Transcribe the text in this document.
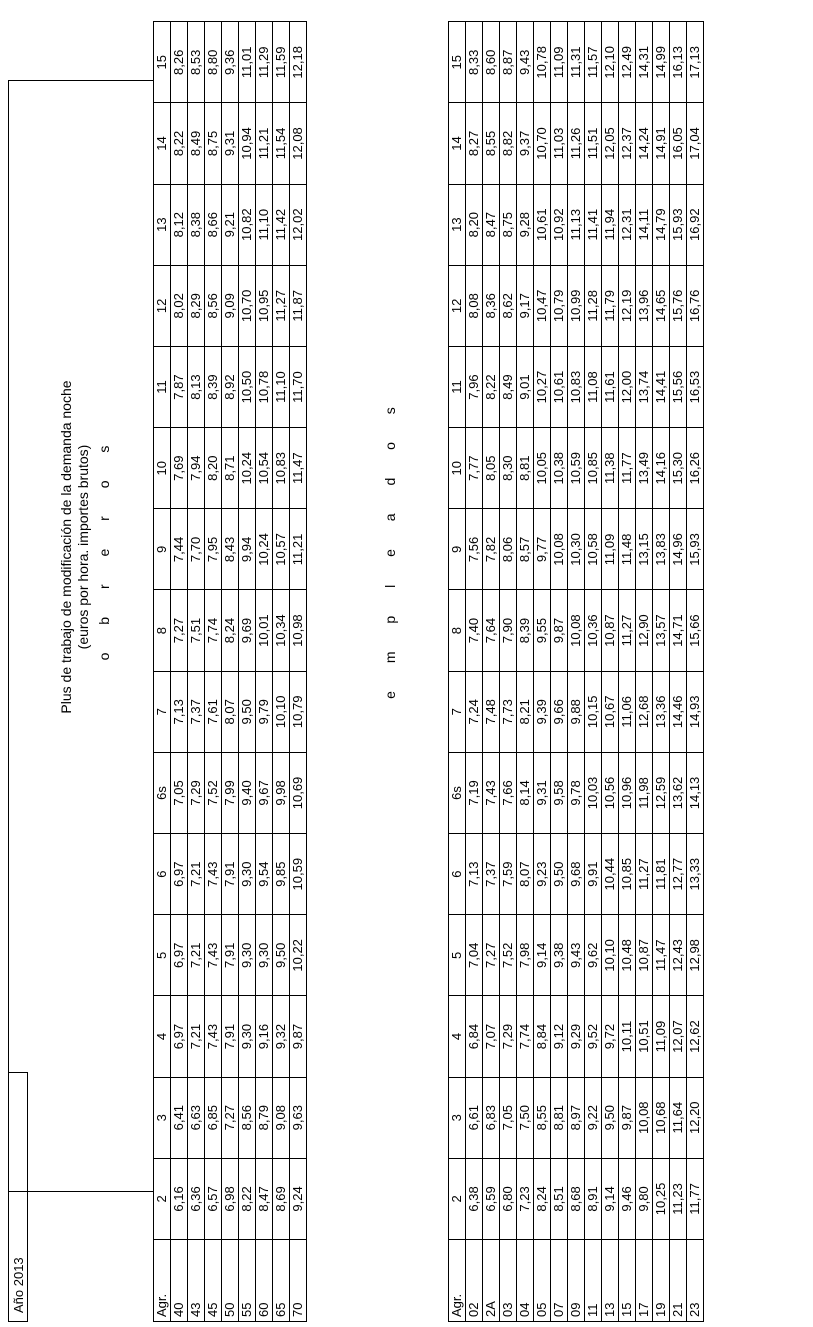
Año 2013
Plus de trabajo de modificación de la demanda noche (euros por hora. importes brutos) o b r e r o s
Agr.	2	3	4	5	6	6s	7	8	9	10	11	12	13	14	15
40	6,16	6,41	6,97	6,97	6,97	7,05	7,13	7,27	7,44	7,69	7,87	8,02	8,12	8,22	8,26
43	6,36	6,63	7,21	7,21	7,21	7,29	7,37	7,51	7,70	7,94	8,13	8,29	8,38	8,49	8,53
45	6,57	6,85	7,43	7,43	7,43	7,52	7,61	7,74	7,95	8,20	8,39	8,56	8,66	8,75	8,80
50	6,98	7,27	7,91	7,91	7,91	7,99	8,07	8,24	8,43	8,71	8,92	9,09	9,21	9,31	9,36
55	8,22	8,56	9,30	9,30	9,30	9,40	9,50	9,69	9,94	10,24	10,50	10,70	10,82	10,94	11,01
60	8,47	8,79	9,16	9,30	9,54	9,67	9,79	10,01	10,24	10,54	10,78	10,95	11,10	11,21	11,29
65	8,69	9,08	9,32	9,50	9,85	9,98	10,10	10,34	10,57	10,83	11,10	11,27	11,42	11,54	11,59
70	9,24	9,63	9,87	10,22	10,59	10,69	10,79	10,98	11,21	11,47	11,70	11,87	12,02	12,08	12,18
e m p l e a d o s
Agr.	2	3	4	5	6	6s	7	8	9	10	11	12	13	14	15
02	6,38	6,61	6,84	7,04	7,13	7,19	7,24	7,40	7,56	7,77	7,96	8,08	8,20	8,27	8,33
2A	6,59	6,83	7,07	7,27	7,37	7,43	7,48	7,64	7,82	8,05	8,22	8,36	8,47	8,55	8,60
03	6,80	7,05	7,29	7,52	7,59	7,66	7,73	7,90	8,06	8,30	8,49	8,62	8,75	8,82	8,87
04	7,23	7,50	7,74	7,98	8,07	8,14	8,21	8,39	8,57	8,81	9,01	9,17	9,28	9,37	9,43
05	8,24	8,55	8,84	9,14	9,23	9,31	9,39	9,55	9,77	10,05	10,27	10,47	10,61	10,70	10,78
07	8,51	8,81	9,12	9,38	9,50	9,58	9,66	9,87	10,08	10,38	10,61	10,79	10,92	11,03	11,09
09	8,68	8,97	9,29	9,43	9,68	9,78	9,88	10,08	10,30	10,59	10,83	10,99	11,13	11,26	11,31
11	8,91	9,22	9,52	9,62	9,91	10,03	10,15	10,36	10,58	10,85	11,08	11,28	11,41	11,51	11,57
13	9,14	9,50	9,72	10,10	10,44	10,56	10,67	10,87	11,09	11,38	11,61	11,79	11,94	12,05	12,10
15	9,46	9,87	10,11	10,48	10,85	10,96	11,06	11,27	11,48	11,77	12,00	12,19	12,31	12,37	12,49
17	9,80	10,08	10,51	10,87	11,27	11,98	12,68	12,90	13,15	13,49	13,74	13,96	14,11	14,24	14,31
19	10,25	10,68	11,09	11,47	11,81	12,59	13,36	13,57	13,83	14,16	14,41	14,65	14,79	14,91	14,99
21	11,23	11,64	12,07	12,43	12,77	13,62	14,46	14,71	14,96	15,30	15,56	15,76	15,93	16,05	16,13
23	11,77	12,20	12,62	12,98	13,33	14,13	14,93	15,66	15,93	16,26	16,53	16,76	16,92	17,04	17,13
